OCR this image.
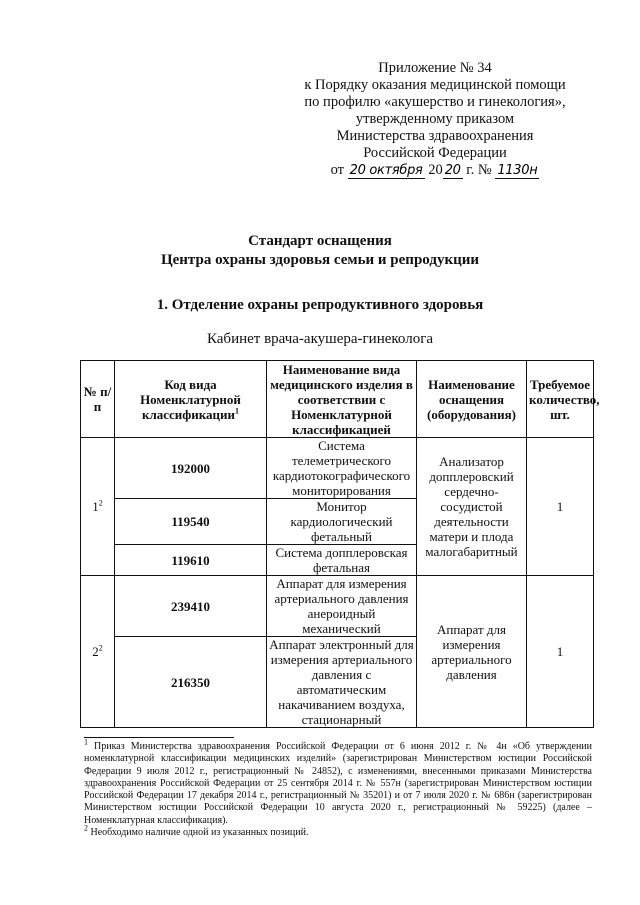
Приложение № 34
к Порядку оказания медицинской помощи
по профилю «акушерство и гинекология»,
утвержденному приказом
Министерства здравоохранения
Российской Федерации
от 20 октября 20 20 г. № 1130н
Стандарт оснащения
Центра охраны здоровья семьи и репродукции
1. Отделение охраны репродуктивного здоровья
Кабинет врача-акушера-гинеколога
№ п/п	Код вида Номенклатурной классификации$^1$	Наименование вида медицинского изделия в соответствии с Номенклатурной классификацией	Наименование оснащения (оборудования)	Требуемое количество, шт.
$1^2$	192000	Система телеметрического кардиотокографического мониторирования	Анализатор допплеровский сердечно-сосудистой деятельности матери и плода малогабаритный	1
	119540	Монитор кардиологический фетальный		
	119610	Система допплеровская фетальная		
$2^2$	239410	Аппарат для измерения артериального давления анероидный механический	Аппарат для измерения артериального давления	1
	216350	Аппарат электронный для измерения артериального давления с автоматическим накачиванием воздуха, стационарный		

$^1$ Приказ Министерства здравоохранения Российской Федерации от 6 июня 2012 г. № 4н «Об утверждении номенклатурной классификации медицинских изделий» (зарегистрирован Министерством юстиции Российской Федерации 9 июля 2012 г., регистрационный № 24852), с изменениями, внесенными приказами Министерства здравоохранения Российской Федерации от 25 сентября 2014 г. № 557н (зарегистрирован Министерством юстиции Российской Федерации 17 декабря 2014 г., регистрационный № 35201) и от 7 июля 2020 г. № 686н (зарегистрирован Министерством юстиции Российской Федерации 10 августа 2020 г., регистрационный № 59225) (далее – Номенклатурная классификация).

$^2$ Необходимо наличие одной из указанных позиций.
